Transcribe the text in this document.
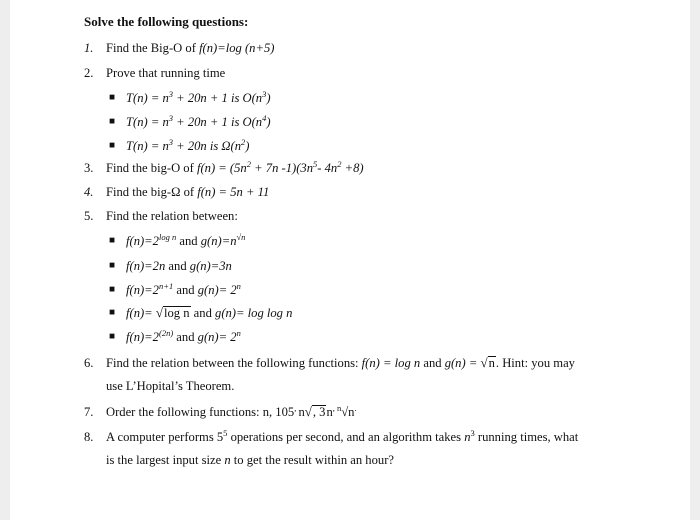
Solve the following questions:
1. Find the Big-O of f(n)=log (n+5)
2. Prove that running time
■ $T(n) = n^3 + 20n + 1$ is $O(n^3)$
■ $T(n) = n^3 + 20n + 1$ is $O(n^4)$
■ $T(n) = n^3 + 20n$ is $\Omega(n^2)$
3. Find the big-O of $f(n) = (5n^2 + 7n$ $-1)(3n^5-$ $4n^2 +8$)
4. Find the big-Ω of f(n) = 5n + 11
5. Find the relation between:
■ $f(n)=2^{log n}$ and $g(n)=n^{√n}$
■ f(n)=2n and g(n)=3n
■ $f(n)=2^{n+1}$ and $g(n)= 2^n$
■ f(n)= √log n and g(n)= log log n
■ $f(n)=2^{(2n)}$ and $g(n)= 2^n$
6. Find the relation between the following functions: f(n) = log n and g(n) = √n. Hint: you may
use L’Hopital’s Theorem.
7. Order the following functions: n, 105, n√, $3n^{, n}√n^.$
8. A computer performs $5^5$ operations per second, and an algorithm takes $n^3$ running times, what
is the largest input size n to get the result within an hour?
